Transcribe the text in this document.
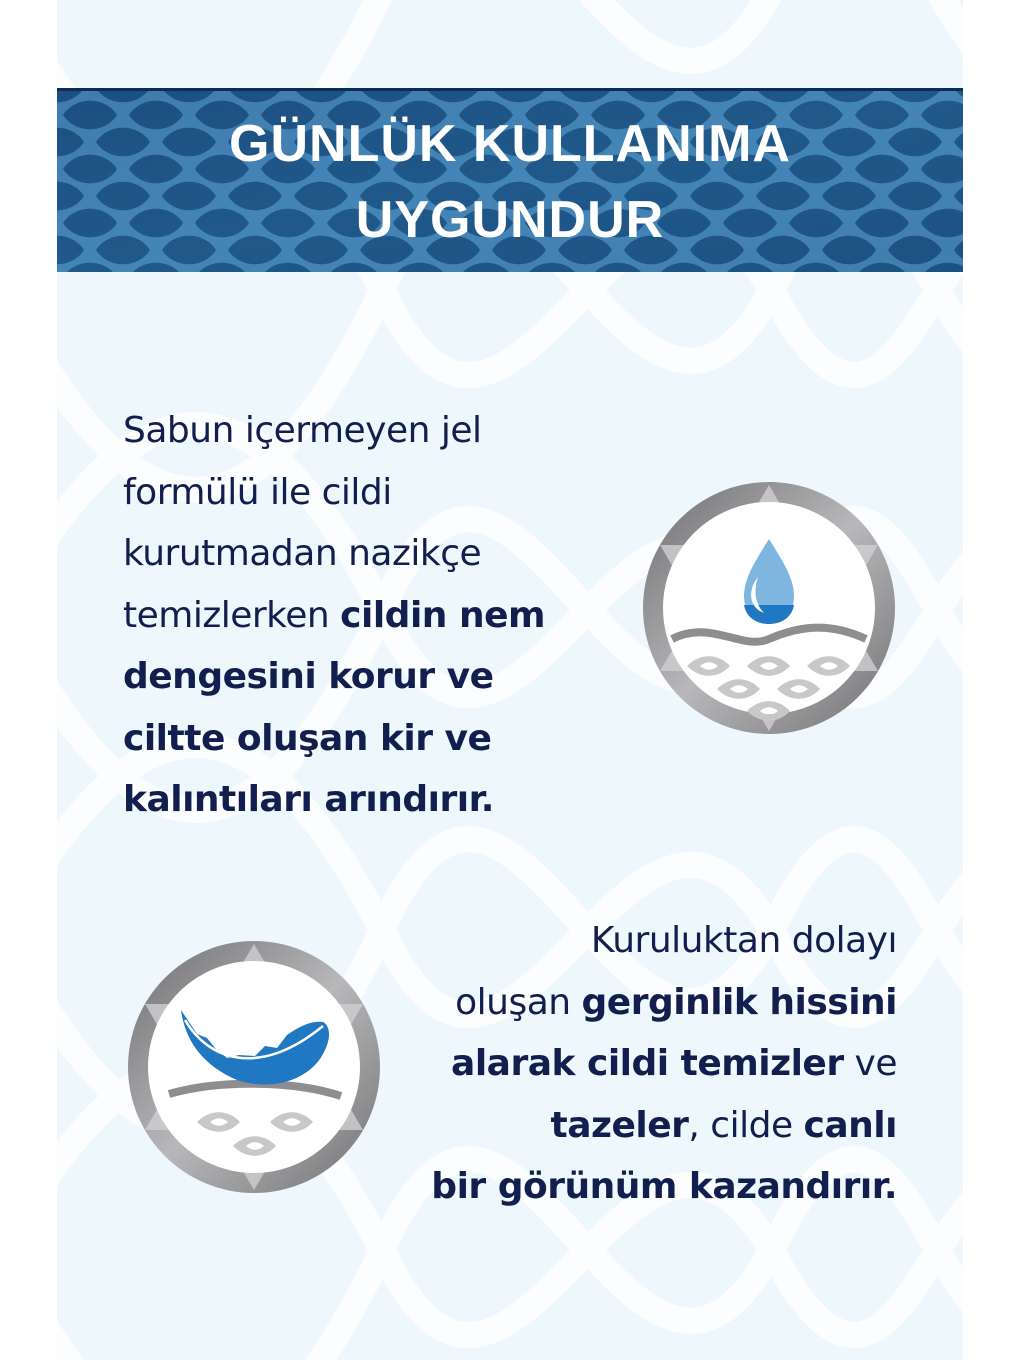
GÜNLÜK KULLANIMA
UYGUNDUR
Sabun içermeyen jel
formülü ile cildi
kurutmadan nazikçe
temizlerken cildin nem
dengesini korur ve
ciltte oluşan kir ve
kalıntıları arındırır.
Kuruluktan dolayı
oluşan gerginlik hissini
alarak cildi temizler ve
tazeler, cilde canlı
bir görünüm kazandırır.
